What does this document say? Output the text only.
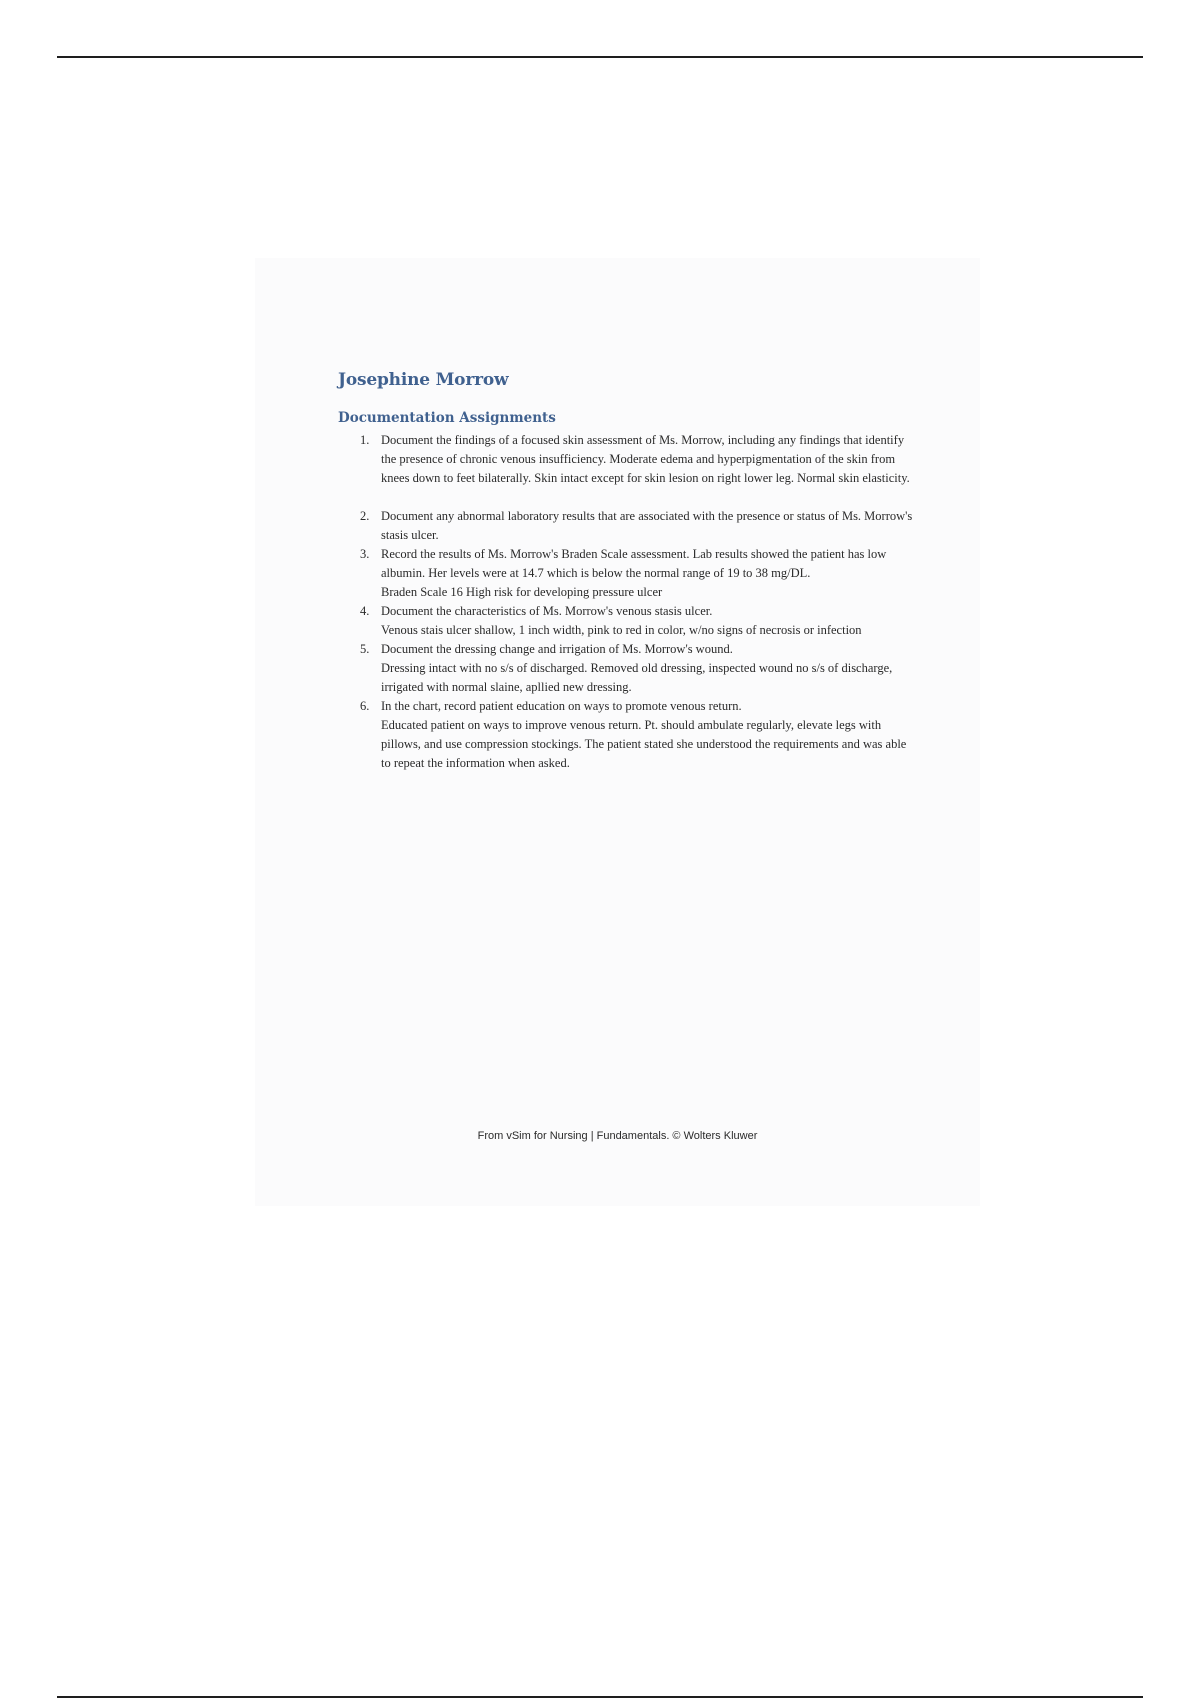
Josephine Morrow
Documentation Assignments
1. Document the findings of a focused skin assessment of Ms. Morrow, including any findings that identify the presence of chronic venous insufficiency. Moderate edema and hyperpigmentation of the skin from knees down to feet bilaterally. Skin intact except for skin lesion on right lower leg. Normal skin elasticity.
2. Document any abnormal laboratory results that are associated with the presence or status of Ms. Morrow's stasis ulcer.
3. Record the results of Ms. Morrow's Braden Scale assessment. Lab results showed the patient has low albumin. Her levels were at 14.7 which is below the normal range of 19 to 38 mg/DL.
Braden Scale 16 High risk for developing pressure ulcer
4. Document the characteristics of Ms. Morrow's venous stasis ulcer.
Venous stais ulcer shallow, 1 inch width, pink to red in color, w/no signs of necrosis or infection
5. Document the dressing change and irrigation of Ms. Morrow's wound.
Dressing intact with no s/s of discharged. Removed old dressing, inspected wound no s/s of discharge, irrigated with normal slaine, apllied new dressing.
6. In the chart, record patient education on ways to promote venous return.
Educated patient on ways to improve venous return. Pt. should ambulate regularly, elevate legs with pillows, and use compression stockings. The patient stated she understood the requirements and was able to repeat the information when asked.

From vSim for Nursing | Fundamentals. © Wolters Kluwer
